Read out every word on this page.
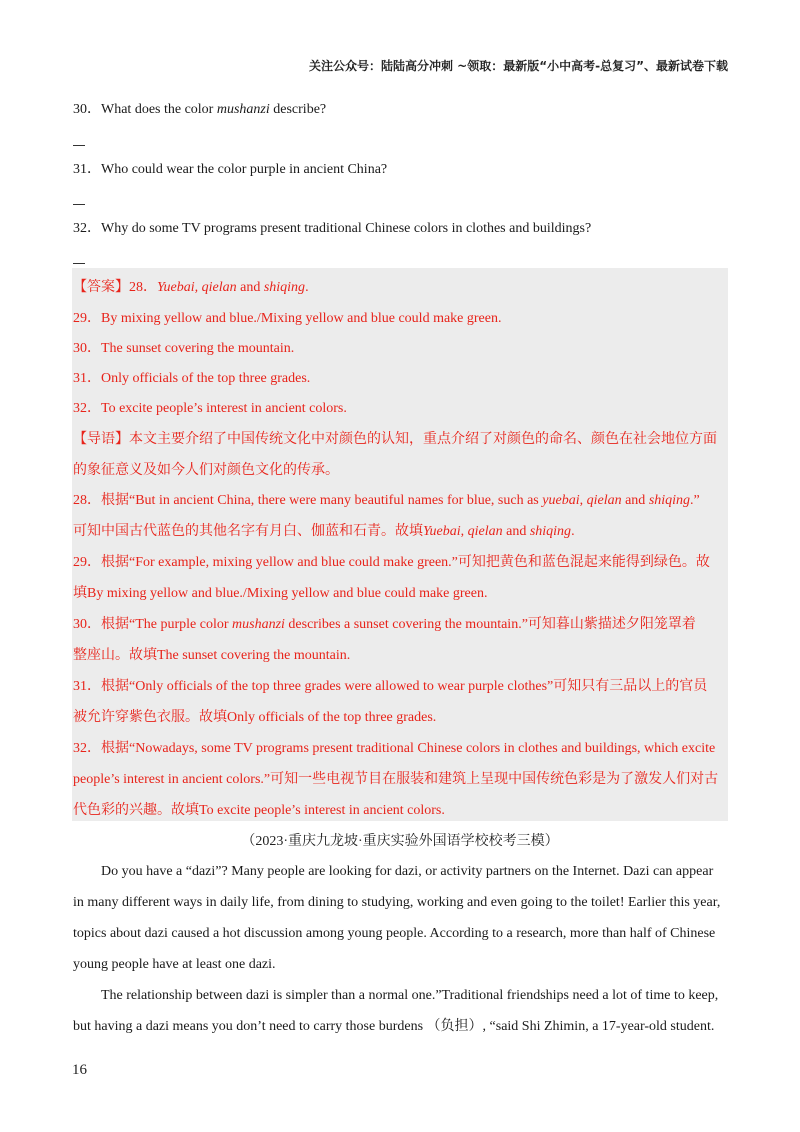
关注公众号：陆陆高分冲刺 ~领取：最新版“小中高考-总复习”、最新试卷下载
30．What does the color mushanzi describe?
31．Who could wear the color purple in ancient China?
32．Why do some TV programs present traditional Chinese colors in clothes and buildings?
【答案】28．Yuebai, qielan and shiqing.
29．By mixing yellow and blue./Mixing yellow and blue could make green.
30．The sunset covering the mountain.
31．Only officials of the top three grades.
32．To excite people’s interest in ancient colors.
【导语】本文主要介绍了中国传统文化中对颜色的认知，重点介绍了对颜色的命名、颜色在社会地位方面
的象征意义及如今人们对颜色文化的传承。
28．根据“But in ancient China, there were many beautiful names for blue, such as yuebai, qielan and shiqing.”
可知中国古代蓝色的其他名字有月白、伽蓝和石青。故填Yuebai, qielan and shiqing.
29．根据“For example, mixing yellow and blue could make green.”可知把黄色和蓝色混起来能得到绿色。故
填By mixing yellow and blue./Mixing yellow and blue could make green.
30．根据“The purple color mushanzi describes a sunset covering the mountain.”可知暮山紫描述夕阳笼罩着
整座山。故填The sunset covering the mountain.
31．根据“Only officials of the top three grades were allowed to wear purple clothes”可知只有三品以上的官员
被允许穿紫色衣服。故填Only officials of the top three grades.
32．根据“Nowadays, some TV programs present traditional Chinese colors in clothes and buildings, which excite
people’s interest in ancient colors.”可知一些电视节目在服装和建筑上呈现中国传统色彩是为了激发人们对古
代色彩的兴趣。故填To excite people’s interest in ancient colors.
（2023·重庆九龙坡·重庆实验外国语学校校考三模）
Do you have a “dazi”? Many people are looking for dazi, or activity partners on the Internet. Dazi can appear
in many different ways in daily life, from dining to studying, working and even going to the toilet! Earlier this year,
topics about dazi caused a hot discussion among young people. According to a research, more than half of Chinese
young people have at least one dazi.
The relationship between dazi is simpler than a normal one.”Traditional friendships need a lot of time to keep,
but having a dazi means you don’t need to carry those burdens （负担）, “said Shi Zhimin, a 17-year-old student.
16
